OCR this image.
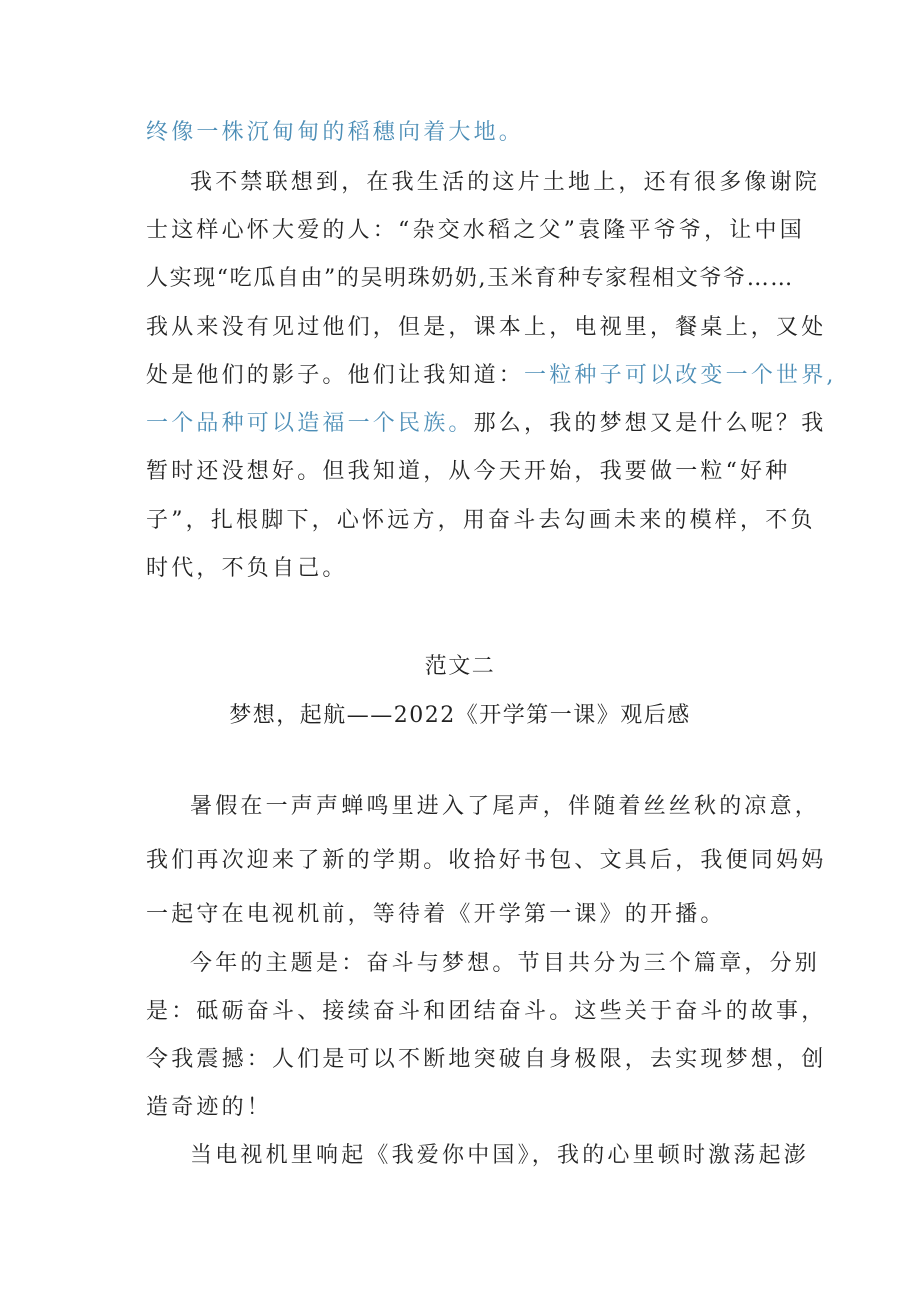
终像一株沉甸甸的稻穗向着大地。
我不禁联想到，在我生活的这片土地上，还有很多像谢院
士这样心怀大爱的人：“杂交水稻之父”袁隆平爷爷，让中国
人实现“吃瓜自由”的吴明珠奶奶,玉米育种专家程相文爷爷……
我从来没有见过他们，但是，课本上，电视里，餐桌上，又处
处是他们的影子。他们让我知道：一粒种子可以改变一个世界,
一个品种可以造福一个民族。那么，我的梦想又是什么呢？我
暂时还没想好。但我知道，从今天开始，我要做一粒“好种
子”，扎根脚下，心怀远方，用奋斗去勾画未来的模样，不负
时代，不负自己。
范文二
梦想，起航——2022《开学第一课》观后感
暑假在一声声蝉鸣里进入了尾声，伴随着丝丝秋的凉意，
我们再次迎来了新的学期。收拾好书包、文具后，我便同妈妈
一起守在电视机前，等待着《开学第一课》的开播。
今年的主题是：奋斗与梦想。节目共分为三个篇章，分别
是：砥砺奋斗、接续奋斗和团结奋斗。这些关于奋斗的故事，
令我震撼：人们是可以不断地突破自身极限，去实现梦想，创
造奇迹的！
当电视机里响起《我爱你中国》，我的心里顿时激荡起澎
